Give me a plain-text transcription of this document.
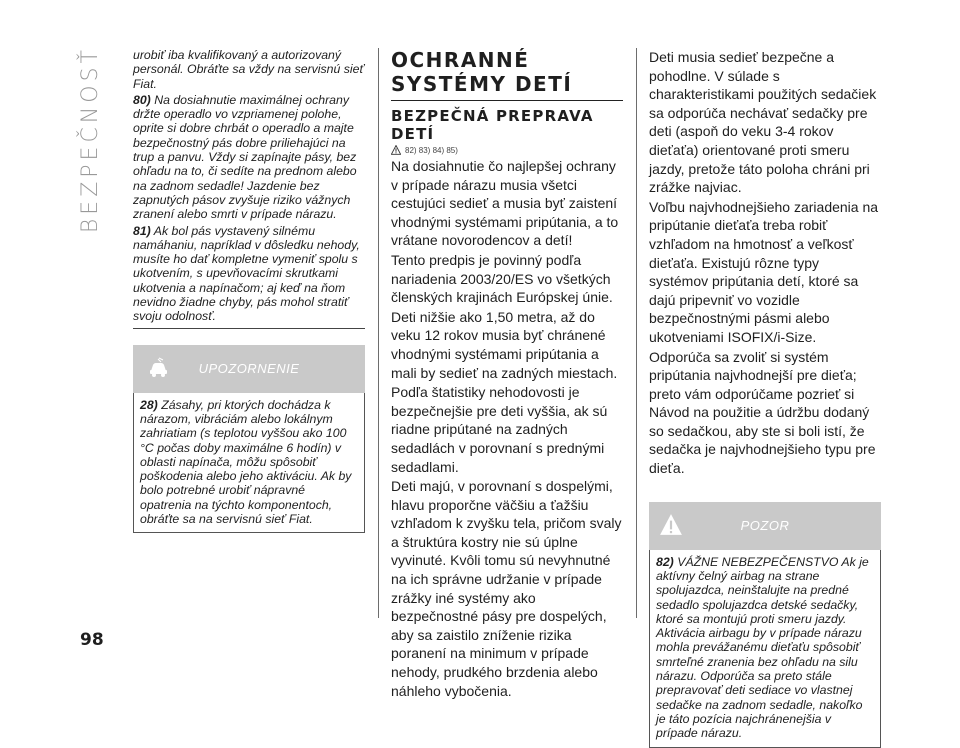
BEZPEČNOSŤ urobiť iba kvalifikovaný a autorizovaný personál. Obráťte sa vždy na servisnú sieť Fiat.

80) Na dosiahnutie maximálnej ochrany držte operadlo vo vzpriamenej polohe, oprite si dobre chrbát o operadlo a majte bezpečnostný pás dobre priliehajúci na trup a panvu. Vždy si zapínajte pásy, bez ohľadu na to, či sedíte na prednom alebo na zadnom sedadle! Jazdenie bez zapnutých pásov zvyšuje riziko vážnych zranení alebo smrti v prípade nárazu.

81) Ak bol pás vystavený silnému namáhaniu, napríklad v dôsledku nehody, musíte ho dať kompletne vymeniť spolu s ukotvením, s upevňovacími skrutkami ukotvenia a napínačom; aj keď na ňom nevidno žiadne chyby, pás mohol stratiť svoju odolnosť.

UPOZORNENIE

28) Zásahy, pri ktorých dochádza k nárazom, vibráciám alebo lokálnym zahriatiam (s teplotou vyššou ako 100 °C počas doby maximálne 6 hodín) v oblasti napínača, môžu spôsobiť poškodenia alebo jeho aktiváciu. Ak by bolo potrebné urobiť nápravné opatrenia na týchto komponentoch, obráťte sa na servisnú sieť Fiat.

OCHRANNÉ
SYSTÉMY DETÍ
BEZPEČNÁ PREPRAVA
DETÍ
82) 83) 84) 85)

Na dosiahnutie čo najlepšej ochrany v prípade nárazu musia všetci cestujúci sedieť a musia byť zaistení vhodnými systémami pripútania, a to vrátane novorodencov a detí!

Tento predpis je povinný podľa nariadenia 2003/20/ES vo všetkých členských krajinách Európskej únie.

Deti nižšie ako 1,50 metra, až do veku 12 rokov musia byť chránené vhodnými systémami pripútania a mali by sedieť na zadných miestach.

Podľa štatistiky nehodovosti je bezpečnejšie pre deti vyššia, ak sú riadne pripútané na zadných sedadlách v porovnaní s prednými sedadlami.

Deti majú, v porovnaní s dospelými, hlavu proporčne väčšiu a ťažšiu vzhľadom k zvyšku tela, pričom svaly a štruktúra kostry nie sú úplne vyvinuté. Kvôli tomu sú nevyhnutné na ich správne udržanie v prípade zrážky iné systémy ako bezpečnostné pásy pre dospelých, aby sa zaistilo zníženie rizika poranení na minimum v prípade nehody, prudkého brzdenia alebo náhleho vybočenia.

Deti musia sedieť bezpečne a pohodlne. V súlade s charakteristikami použitých sedačiek sa odporúča nechávať sedačky pre deti (aspoň do veku 3-4 rokov dieťaťa) orientované proti smeru jazdy, pretože táto poloha chráni pri zrážke najviac.

Voľbu najvhodnejšieho zariadenia na pripútanie dieťaťa treba robiť vzhľadom na hmotnosť a veľkosť dieťaťa. Existujú rôzne typy systémov pripútania detí, ktoré sa dajú pripevniť vo vozidle bezpečnostnými pásmi alebo ukotveniami ISOFIX/i-Size.

Odporúča sa zvoliť si systém pripútania najvhodnejší pre dieťa; preto vám odporúčame pozrieť si Návod na použitie a údržbu dodaný so sedačkou, aby ste si boli istí, že sedačka je najvhodnejšieho typu pre dieťa.

POZOR

82) VÁŽNE NEBEZPEČENSTVO Ak je aktívny čelný airbag na strane spolujazdca, neinštalujte na predné sedadlo spolujazdca detské sedačky, ktoré sa montujú proti smeru jazdy. Aktivácia airbagu by v prípade nárazu mohla prevážanému dieťaťu spôsobiť smrteľné zranenia bez ohľadu na silu nárazu. Odporúča sa preto stále prepravovať deti sediace vo vlastnej sedačke na zadnom sedadle, nakoľko je táto pozícia najchránenejšia v prípade nárazu.

98
